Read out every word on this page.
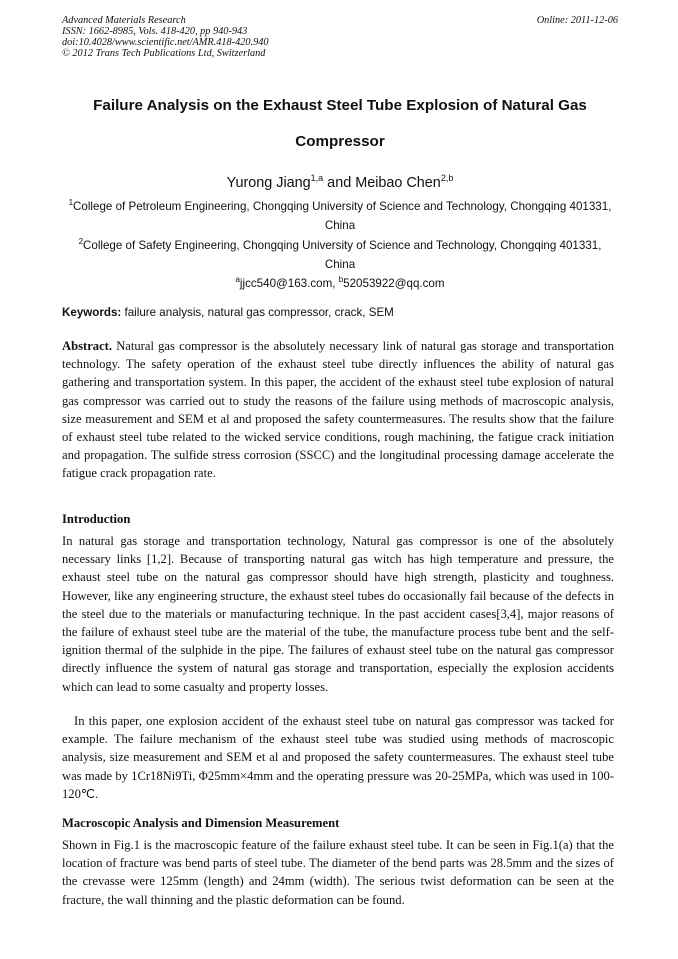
Advanced Materials Research
ISSN: 1662-8985, Vols. 418-420, pp 940-943
doi:10.4028/www.scientific.net/AMR.418-420.940
© 2012 Trans Tech Publications Ltd, Switzerland
Online: 2011-12-06
Failure Analysis on the Exhaust Steel Tube Explosion of Natural Gas
Compressor
Yurong Jiang$^{1,a}$ and Meibao Chen$^{2,b}$
$^1$College of Petroleum Engineering, Chongqing University of Science and Technology, Chongqing 401331, China
$^2$College of Safety Engineering, Chongqing University of Science and Technology, Chongqing 401331, China
$^a$jjcc540@163.com, $^b$52053922@qq.com
Keywords: failure analysis, natural gas compressor, crack, SEM
Abstract. Natural gas compressor is the absolutely necessary link of natural gas storage and transportation technology. The safety operation of the exhaust steel tube directly influences the ability of natural gas gathering and transportation system. In this paper, the accident of the exhaust steel tube explosion of natural gas compressor was carried out to study the reasons of the failure using methods of macroscopic analysis, size measurement and SEM et al and proposed the safety countermeasures. The results show that the failure of exhaust steel tube related to the wicked service conditions, rough machining, the fatigue crack initiation and propagation. The sulfide stress corrosion (SSCC) and the longitudinal processing damage accelerate the fatigue crack propagation rate.
Introduction
In natural gas storage and transportation technology, Natural gas compressor is one of the absolutely necessary links [1,2]. Because of transporting natural gas witch has high temperature and pressure, the exhaust steel tube on the natural gas compressor should have high strength, plasticity and toughness. However, like any engineering structure, the exhaust steel tubes do occasionally fail because of the defects in the steel due to the materials or manufacturing technique. In the past accident cases[3,4], major reasons of the failure of exhaust steel tube are the material of the tube, the manufacture process tube bent and the self-ignition thermal of the sulphide in the pipe. The failures of exhaust steel tube on the natural gas compressor directly influence the system of natural gas storage and transportation, especially the explosion accidents which can lead to some casualty and property losses.
In this paper, one explosion accident of the exhaust steel tube on natural gas compressor was tacked for example. The failure mechanism of the exhaust steel tube was studied using methods of macroscopic analysis, size measurement and SEM et al and proposed the safety countermeasures. The exhaust steel tube was made by 1Cr18Ni9Ti, Φ25mm×4mm and the operating pressure was 20-25MPa, which was used in 100-120℃.
Macroscopic Analysis and Dimension Measurement
Shown in Fig.1 is the macroscopic feature of the failure exhaust steel tube. It can be seen in Fig.1(a) that the location of fracture was bend parts of steel tube. The diameter of the bend parts was 28.5mm and the sizes of the crevasse were 125mm (length) and 24mm (width). The serious twist deformation can be seen at the fracture, the wall thinning and the plastic deformation can be found.
